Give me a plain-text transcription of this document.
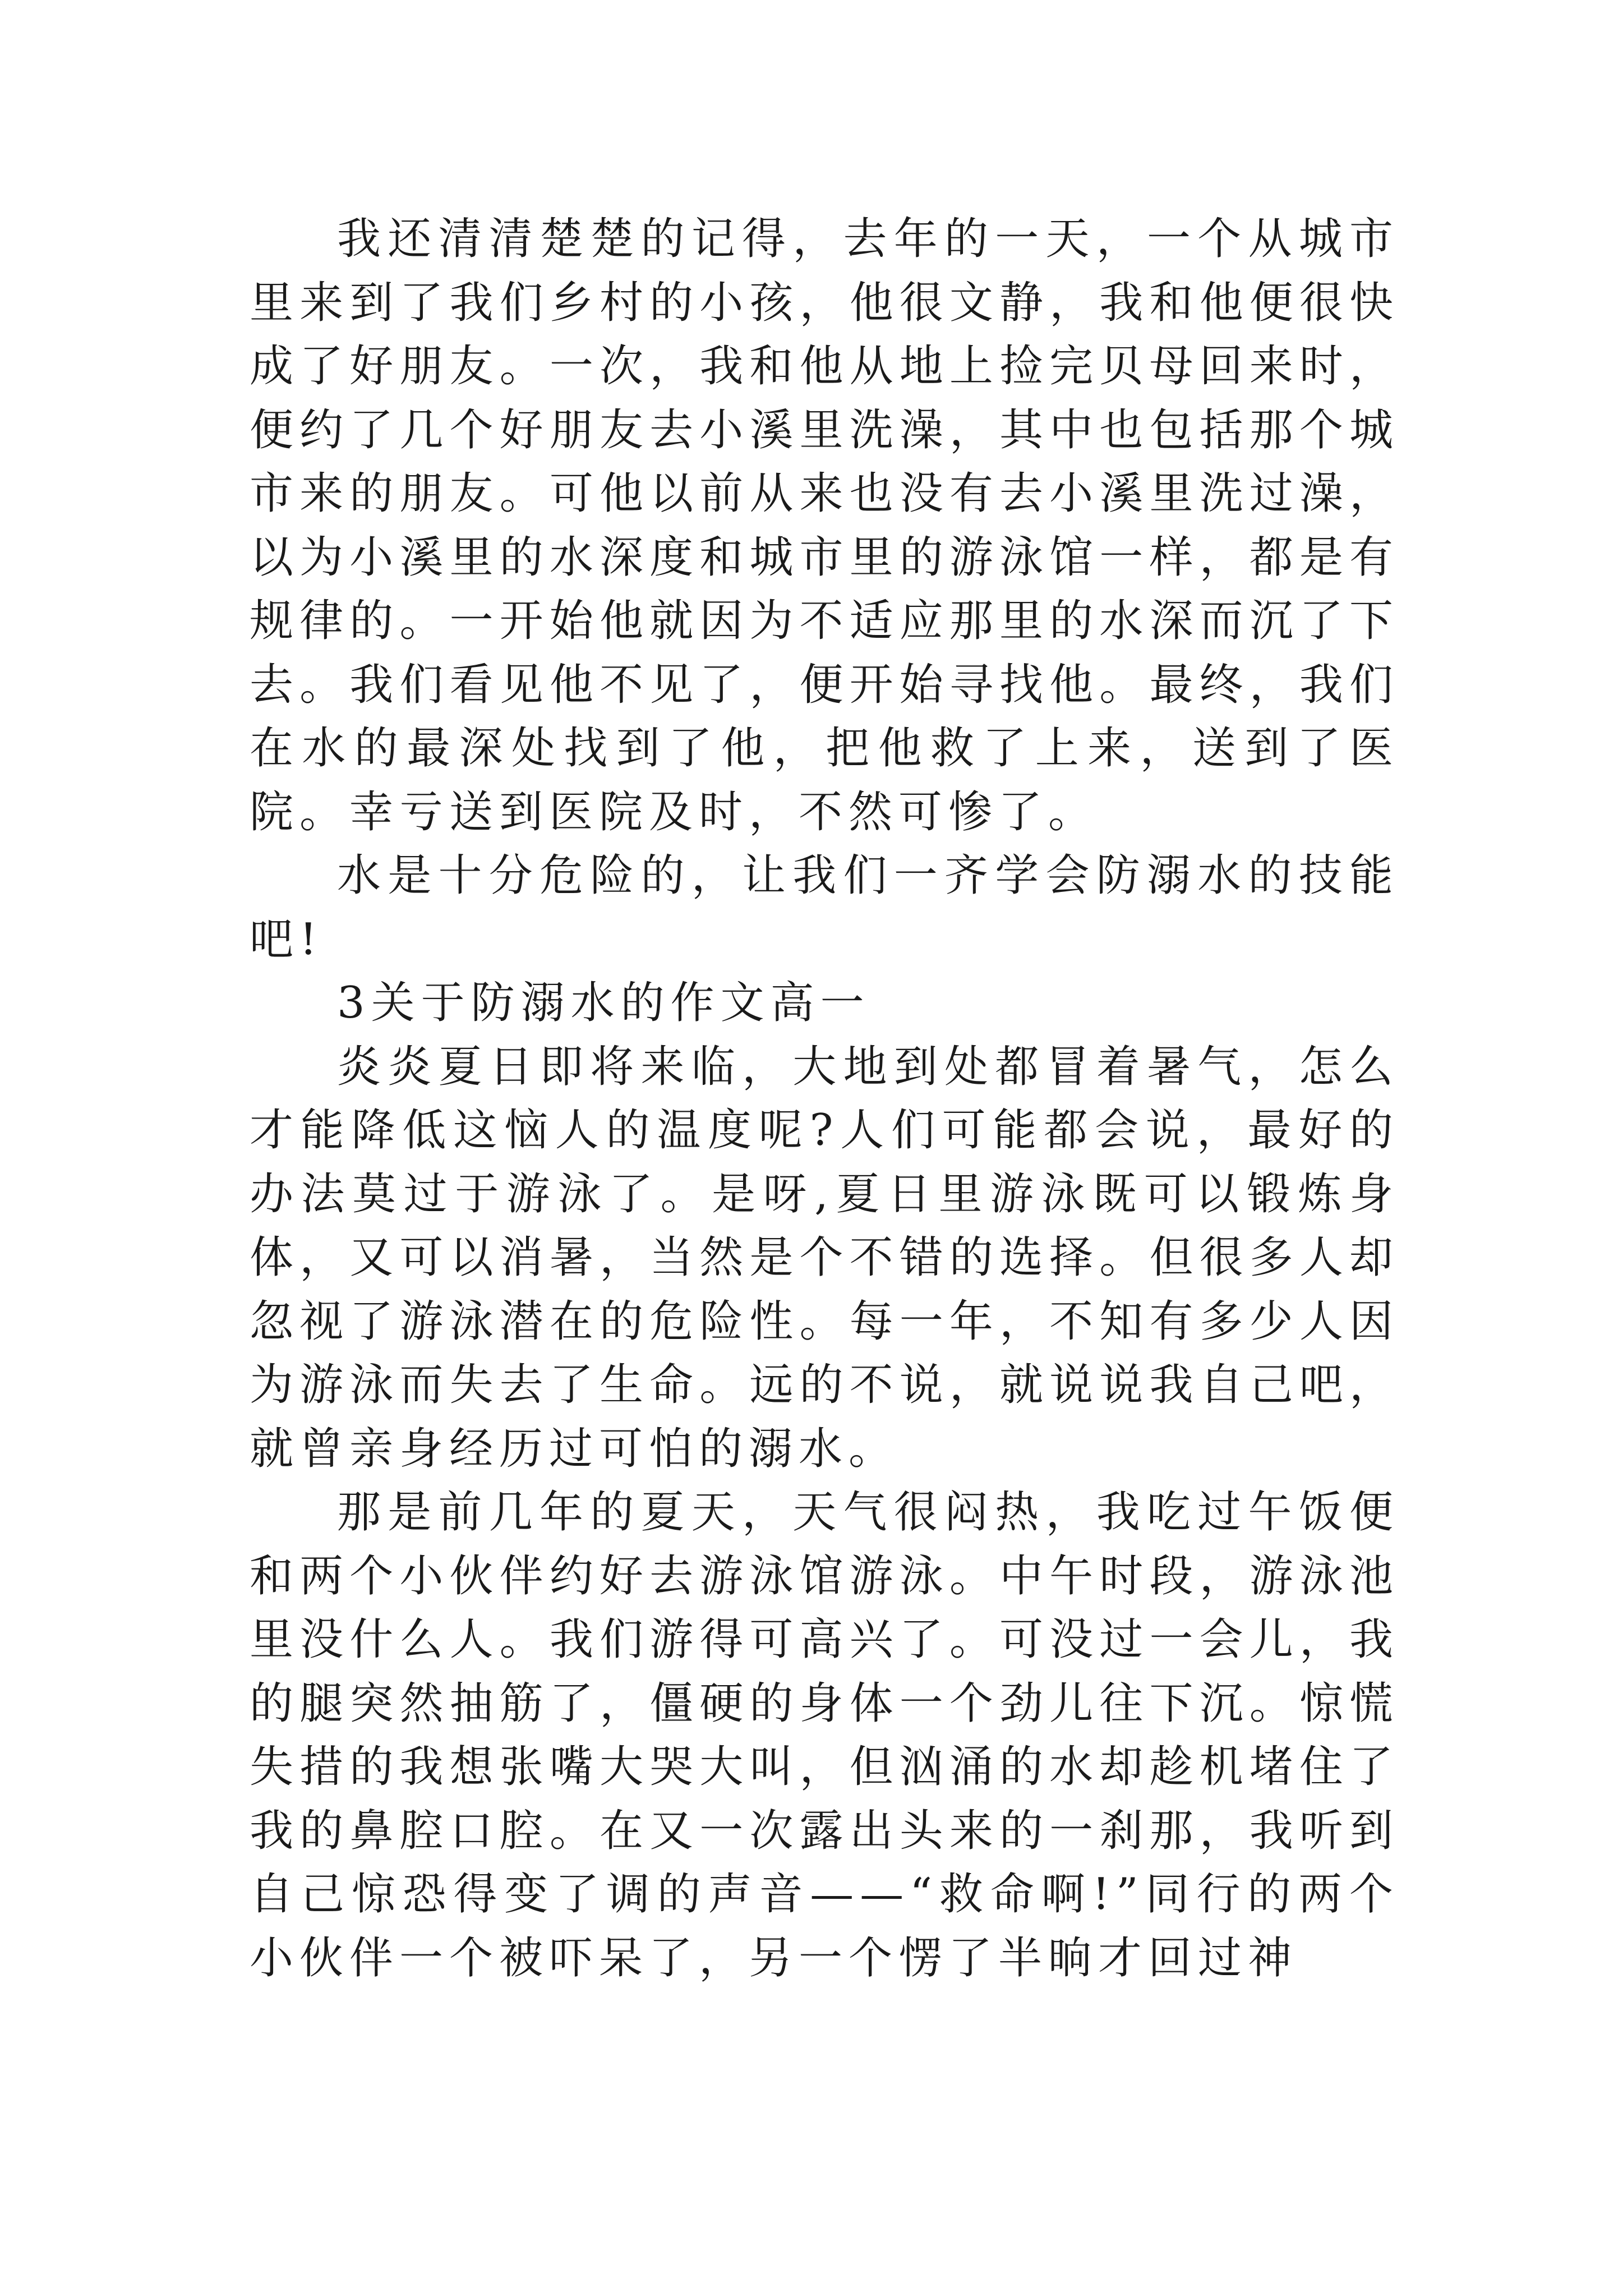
我还清清楚楚的记得，去年的一天，一个从城市里来到了我们乡村的小孩，他很文静，我和他便很快成了好朋友。一次，我和他从地上捡完贝母回来时，便约了几个好朋友去小溪里洗澡，其中也包括那个城市来的朋友。可他以前从来也没有去小溪里洗过澡，以为小溪里的水深度和城市里的游泳馆一样，都是有规律的。一开始他就因为不适应那里的水深而沉了下去。我们看见他不见了，便开始寻找他。最终，我们在水的最深处找到了他，把他救了上来，送到了医院。幸亏送到医院及时，不然可惨了。

水是十分危险的，让我们一齐学会防溺水的技能吧!

3关于防溺水的作文高一

炎炎夏日即将来临，大地到处都冒着暑气，怎么才能降低这恼人的温度呢?人们可能都会说，最好的办法莫过于游泳了。是呀,夏日里游泳既可以锻炼身体，又可以消暑，当然是个不错的选择。但很多人却忽视了游泳潜在的危险性。每一年，不知有多少人因为游泳而失去了生命。远的不说，就说说我自己吧，就曾亲身经历过可怕的溺水。

那是前几年的夏天，天气很闷热，我吃过午饭便和两个小伙伴约好去游泳馆游泳。中午时段，游泳池里没什么人。我们游得可高兴了。可没过一会儿，我的腿突然抽筋了，僵硬的身体一个劲儿往下沉。惊慌失措的我想张嘴大哭大叫，但汹涌的水却趁机堵住了我的鼻腔口腔。在又一次露出头来的一刹那，我听到自己惊恐得变了调的声音——“救命啊!”同行的两个小伙伴一个被吓呆了，另一个愣了半晌才回过神
